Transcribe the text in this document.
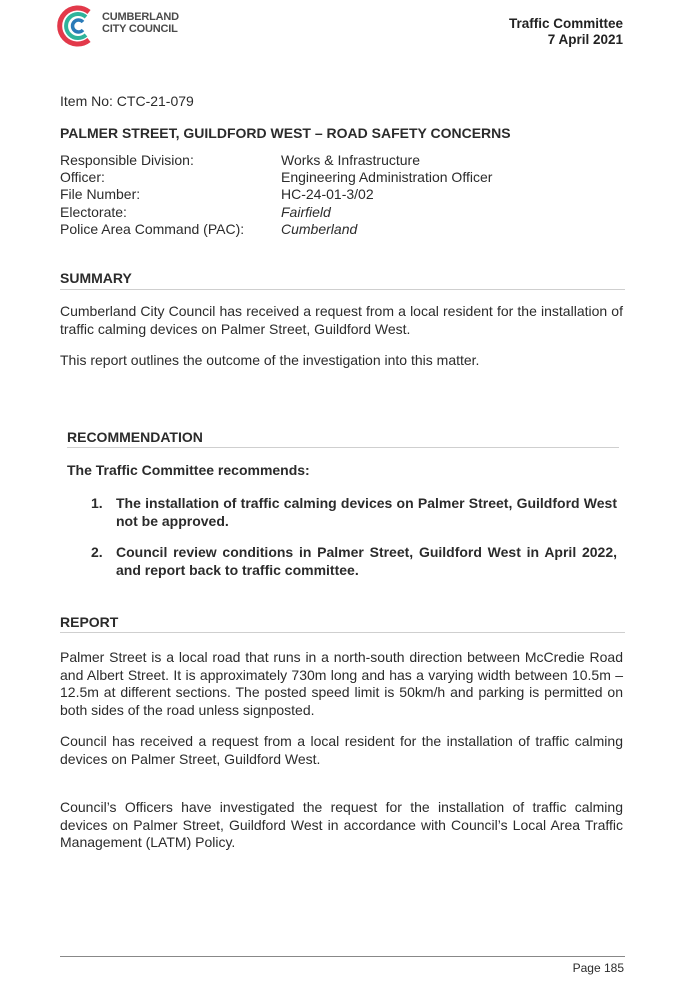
CUMBERLAND
CITY COUNCIL	Traffic Committee
7 April 2021
Item No: CTC-21-079
PALMER STREET, GUILDFORD WEST – ROAD SAFETY CONCERNS
Responsible Division:	Works & Infrastructure
Officer:	Engineering Administration Officer
File Number:	HC-24-01-3/02
Electorate:	Fairfield
Police Area Command (PAC):	Cumberland
SUMMARY
Cumberland City Council has received a request from a local resident for the installation of traffic calming devices on Palmer Street, Guildford West.
This report outlines the outcome of the investigation into this matter.
RECOMMENDATION
The Traffic Committee recommends:
1. The installation of traffic calming devices on Palmer Street, Guildford West not be approved.
2. Council review conditions in Palmer Street, Guildford West in April 2022, and report back to traffic committee.
REPORT
Palmer Street is a local road that runs in a north-south direction between McCredie Road and Albert Street. It is approximately 730m long and has a varying width between 10.5m – 12.5m at different sections. The posted speed limit is 50km/h and parking is permitted on both sides of the road unless signposted.
Council has received a request from a local resident for the installation of traffic calming devices on Palmer Street, Guildford West.
Council’s Officers have investigated the request for the installation of traffic calming devices on Palmer Street, Guildford West in accordance with Council’s Local Area Traffic Management (LATM) Policy.
Page 185
